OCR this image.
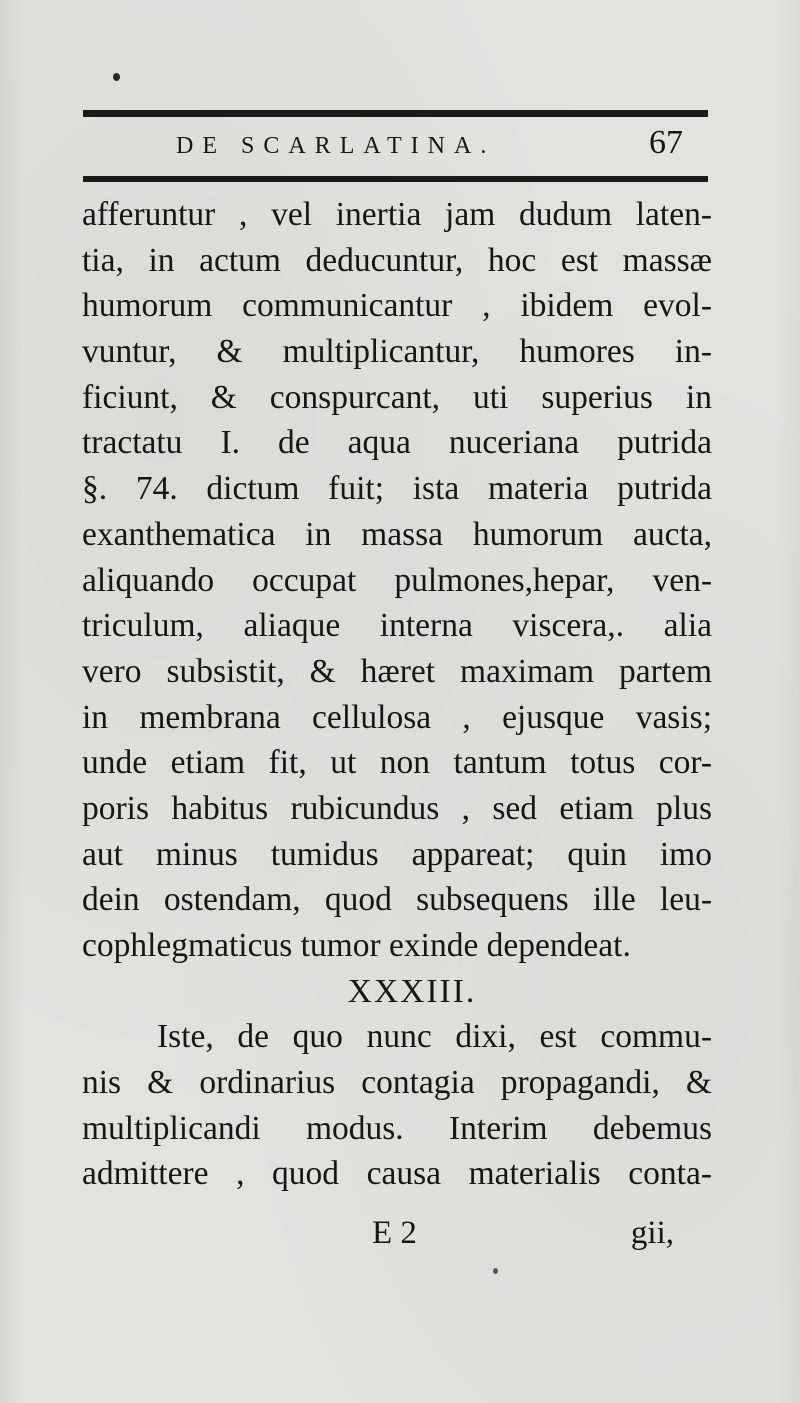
DE SCARLATINA.	67
afferuntur , vel inertia jam dudum laten-
tia, in actum deducuntur, hoc est massæ
humorum communicantur , ibidem evol-
vuntur, & multiplicantur, humores in-
ficiunt, & conspurcant, uti superius in
tractatu I. de aqua nuceriana putrida
§. 74. dictum fuit; ista materia putrida
exanthematica in massa humorum aucta,
aliquando occupat pulmones,hepar, ven-
triculum, aliaque interna viscera,. alia
vero subsistit, & hæret maximam partem
in membrana cellulosa , ejusque vasis;
unde etiam fit, ut non tantum totus cor-
poris habitus rubicundus , sed etiam plus
aut minus tumidus appareat; quin imo
dein ostendam, quod subsequens ille leu-
cophlegmaticus tumor exinde dependeat.
XXXIII.
Iste, de quo nunc dixi, est commu-
nis & ordinarius contagia propagandi, &
multiplicandi modus. Interim debemus
admittere , quod causa materialis conta-
E 2	gii,
